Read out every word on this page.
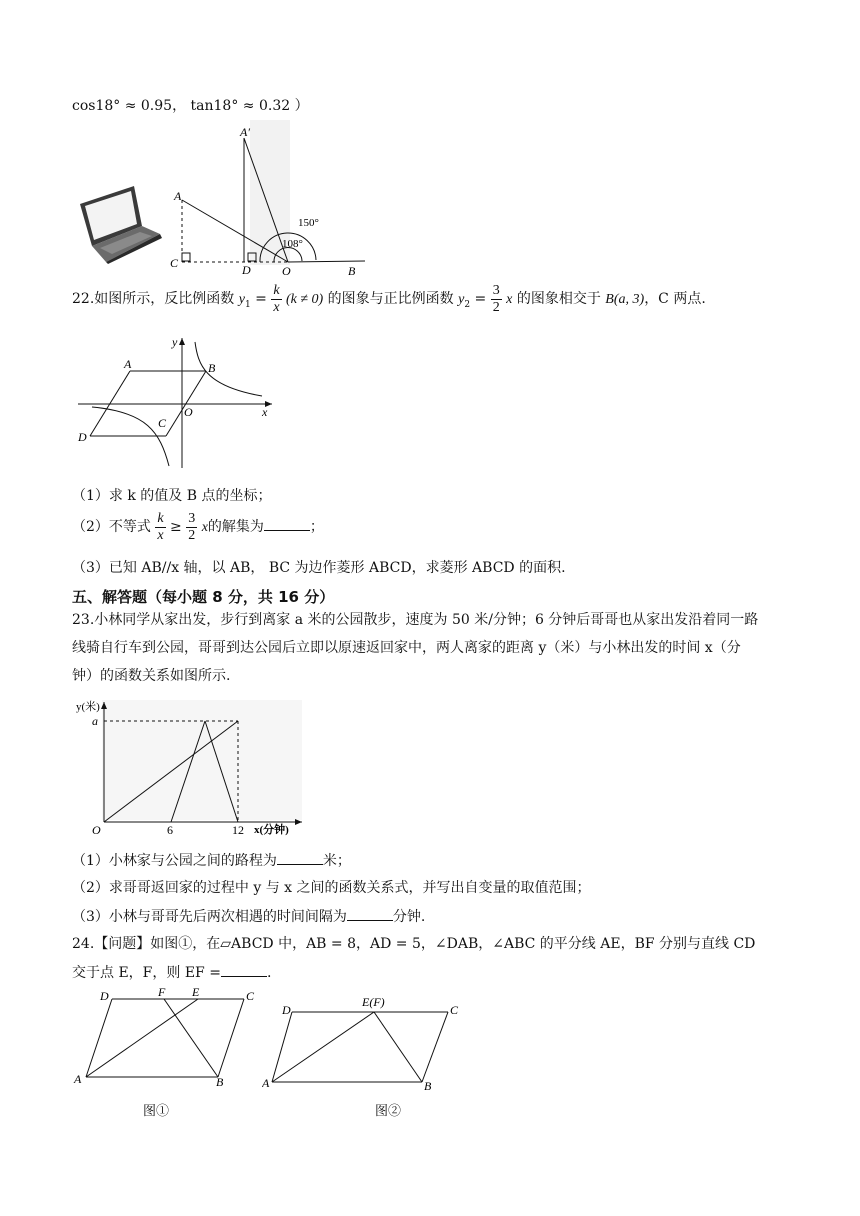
cos18° ≈ 0.95， tan18° ≈ 0.32 ）
A
A′
C	D	O	B
150°
108°
22.如图所示，反比例函数 $y_1 = \frac{k}{x} (k \ne 0)$ 的图象与正比例函数 $y_2 = \frac{3}{2}$ x 的图象相交于 B(a, 3)，C 两点.
y
x
A	B
O
C
D
（1）求 k 的值及 B 点的坐标；
（2）不等式 $\frac{k}{x} \ge \frac{3}{2}$ x的解集为	；
（3）已知 AB//x 轴，以 AB， BC 为边作菱形 ABCD，求菱形 ABCD 的面积.
五、解答题（每小题 8 分，共 16 分）
23.小林同学从家出发，步行到离家 a 米的公园散步，速度为 50 米/分钟；6 分钟后哥哥也从家出发沿着同一路
线骑自行车到公园，哥哥到达公园后立即以原速返回家中，两人离家的距离 y（米）与小林出发的时间 x（分
钟）的函数关系如图所示.
y(米)
a
O	6	12 x(分钟)
（1）小林家与公园之间的路程为	米；
（2）求哥哥返回家的过程中 y 与 x 之间的函数关系式，并写出自变量的取值范围；
（3）小林与哥哥先后两次相遇的时间间隔为	分钟.
24.【问题】如图①，在▱ABCD 中，AB = 8，AD = 5，∠DAB，∠ABC 的平分线 AE，BF 分别与直线 CD
交于点 E，F，则 EF =	.
D	F E	C
A	B
图①
D
E(F)
C
A	B
图②
